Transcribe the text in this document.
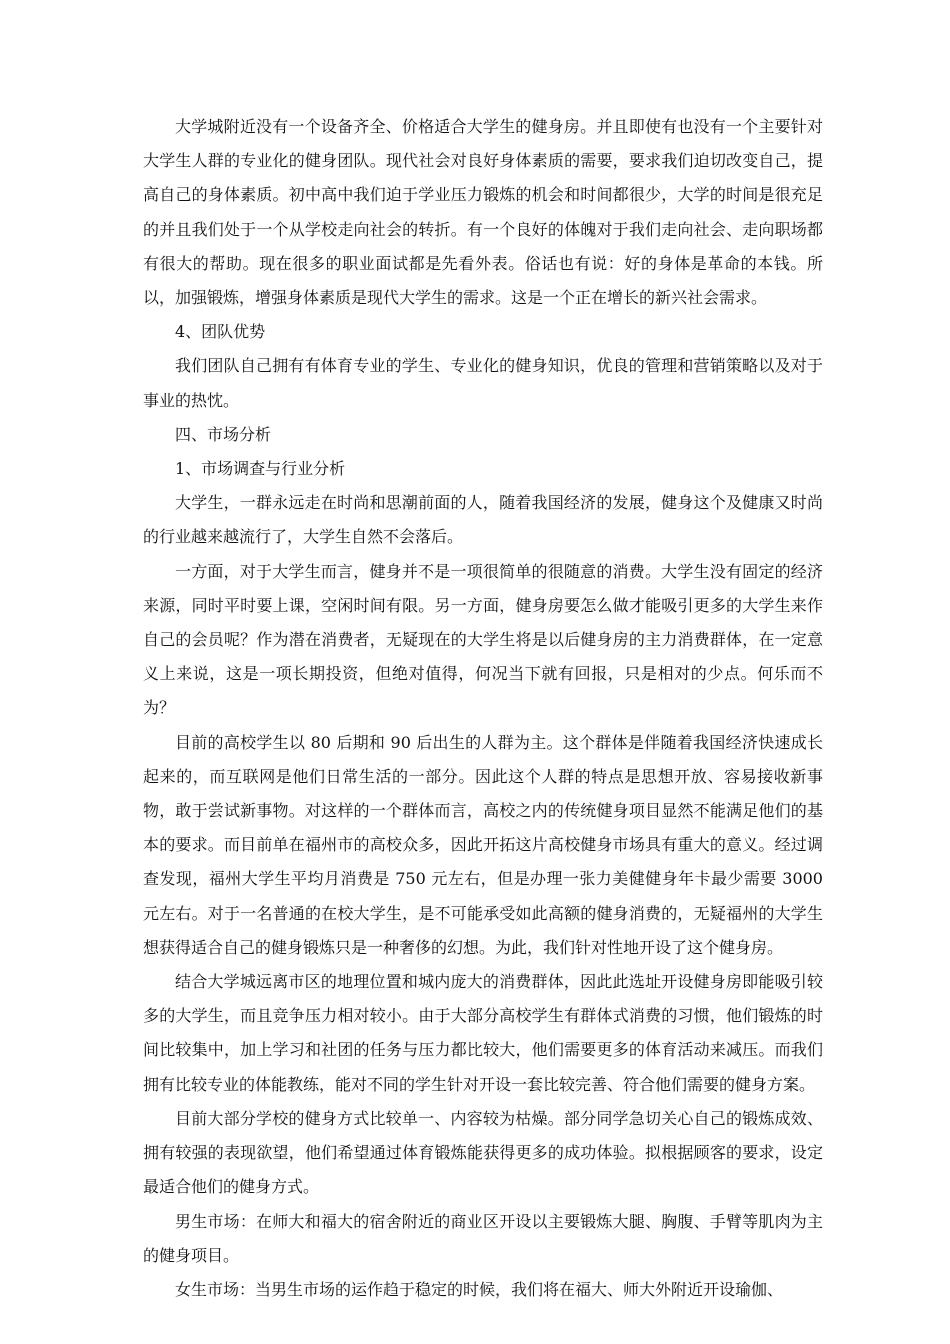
大学城附近没有一个设备齐全、价格适合大学生的健身房。并且即使有也没有一个主要针对大学生人群的专业化的健身团队。现代社会对良好身体素质的需要，要求我们迫切改变自己，提高自己的身体素质。初中高中我们迫于学业压力锻炼的机会和时间都很少，大学的时间是很充足的并且我们处于一个从学校走向社会的转折。有一个良好的体魄对于我们走向社会、走向职场都有很大的帮助。现在很多的职业面试都是先看外表。俗话也有说：好的身体是革命的本钱。所以，加强锻炼，增强身体素质是现代大学生的需求。这是一个正在增长的新兴社会需求。

4、团队优势

我们团队自己拥有有体育专业的学生、专业化的健身知识，优良的管理和营销策略以及对于事业的热忱。

四、市场分析

1、市场调查与行业分析

大学生，一群永远走在时尚和思潮前面的人，随着我国经济的发展，健身这个及健康又时尚的行业越来越流行了，大学生自然不会落后。

一方面，对于大学生而言，健身并不是一项很简单的很随意的消费。大学生没有固定的经济来源，同时平时要上课，空闲时间有限。另一方面，健身房要怎么做才能吸引更多的大学生来作自己的会员呢？作为潜在消费者，无疑现在的大学生将是以后健身房的主力消费群体，在一定意义上来说，这是一项长期投资，但绝对值得，何况当下就有回报，只是相对的少点。何乐而不为？

目前的高校学生以 80 后期和 90 后出生的人群为主。这个群体是伴随着我国经济快速成长起来的，而互联网是他们日常生活的一部分。因此这个人群的特点是思想开放、容易接收新事物，敢于尝试新事物。对这样的一个群体而言，高校之内的传统健身项目显然不能满足他们的基本的要求。而目前单在福州市的高校众多，因此开拓这片高校健身市场具有重大的意义。经过调查发现，福州大学生平均月消费是 750 元左右，但是办理一张力美健健身年卡最少需要 3000 元左右。对于一名普通的在校大学生，是不可能承受如此高额的健身消费的，无疑福州的大学生想获得适合自己的健身锻炼只是一种奢侈的幻想。为此，我们针对性地开设了这个健身房。

结合大学城远离市区的地理位置和城内庞大的消费群体，因此此选址开设健身房即能吸引较多的大学生，而且竞争压力相对较小。由于大部分高校学生有群体式消费的习惯，他们锻炼的时间比较集中，加上学习和社团的任务与压力都比较大，他们需要更多的体育活动来减压。而我们拥有比较专业的体能教练，能对不同的学生针对开设一套比较完善、符合他们需要的健身方案。

目前大部分学校的健身方式比较单一、内容较为枯燥。部分同学急切关心自己的锻炼成效、拥有较强的表现欲望，他们希望通过体育锻炼能获得更多的成功体验。拟根据顾客的要求，设定最适合他们的健身方式。

男生市场：在师大和福大的宿舍附近的商业区开设以主要锻炼大腿、胸腹、手臂等肌肉为主的健身项目。

女生市场：当男生市场的运作趋于稳定的时候，我们将在福大、师大外附近开设瑜伽、
